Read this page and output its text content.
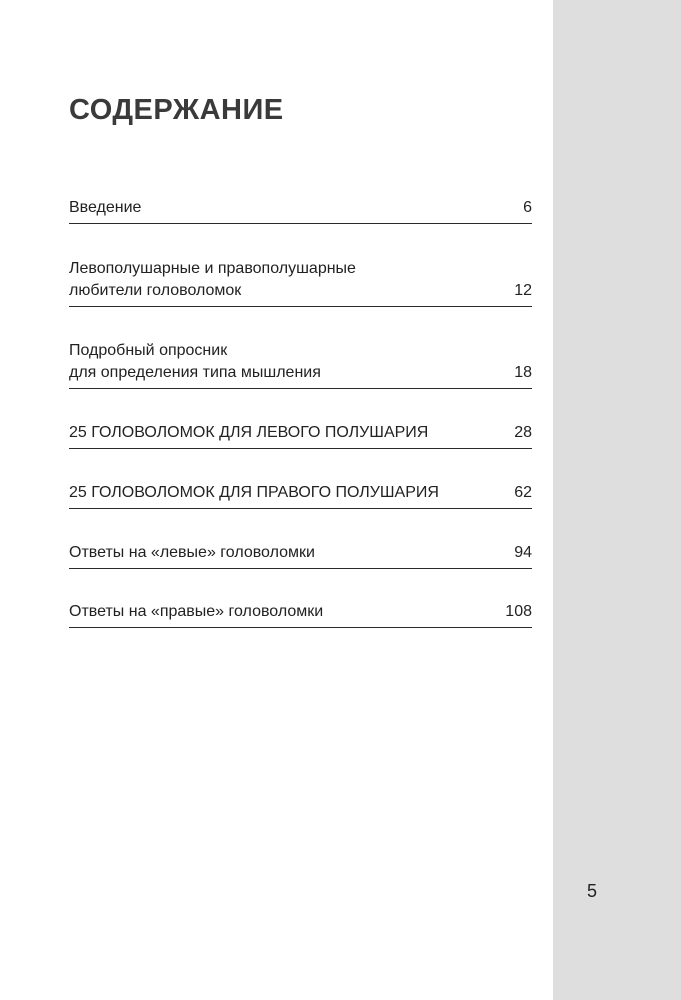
5
СОДЕРЖАНИЕ
Введение	6
Левополушарные и правополушарные
любители головоломок	12
Подробный опросник
для определения типа мышления	18
25 ГОЛОВОЛОМОК ДЛЯ ЛЕВОГО ПОЛУШАРИЯ	28
25 ГОЛОВОЛОМОК ДЛЯ ПРАВОГО ПОЛУШАРИЯ	62
Ответы на «левые» головоломки	94
Ответы на «правые» головоломки	108
